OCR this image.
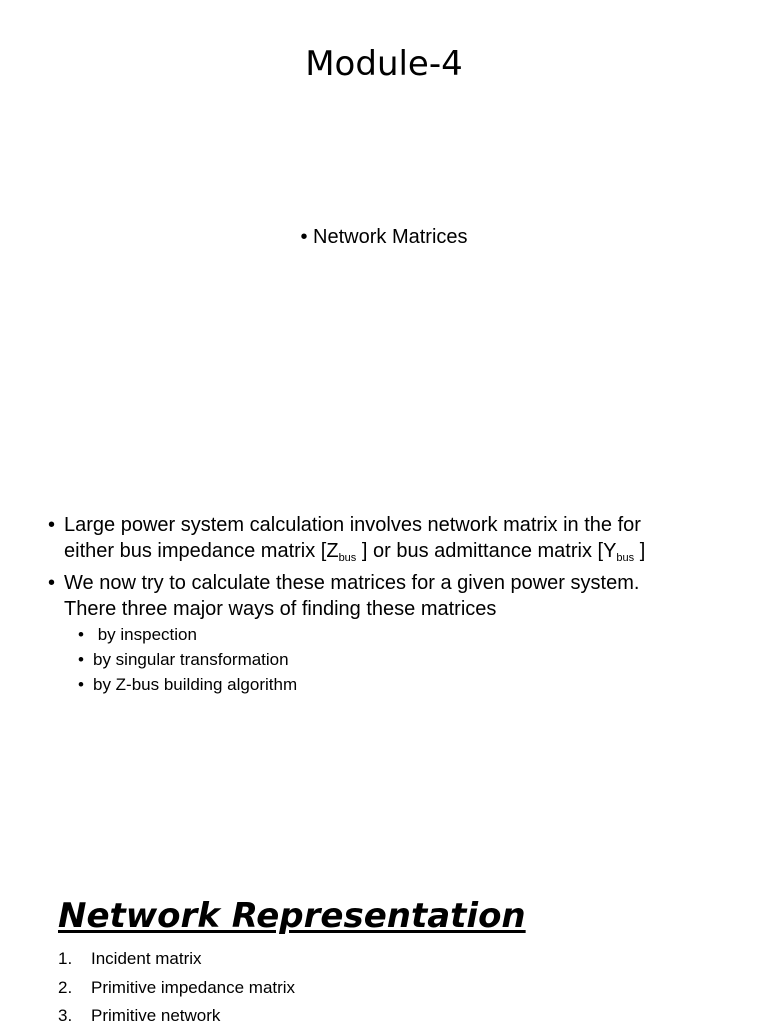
Module-4
• Network Matrices
• Large power system calculation involves network matrix in the for
either bus impedance matrix [$Z_{bus}$ ] or bus admittance matrix [$Y_{bus}$ ]
• We now try to calculate these matrices for a given power system.
There three major ways of finding these matrices
• by inspection
• by singular transformation
• by Z-bus building algorithm
Network Representation
1. Incident matrix
2. Primitive impedance matrix
3. Primitive network
